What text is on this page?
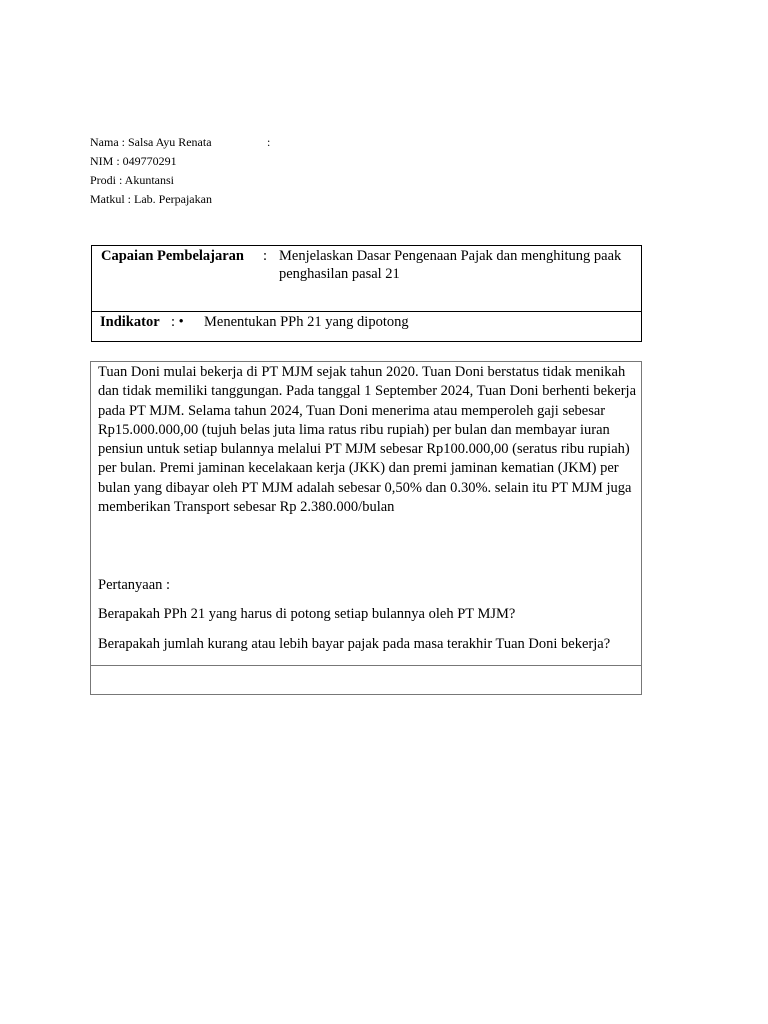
Nama : Salsa Ayu Renata	:
NIM : 049770291
Prodi : Akuntansi
Matkul : Lab. Perpajakan
Capaian Pembelajaran : Menjelaskan Dasar Pengenaan Pajak dan menghitung paak penghasilan pasal 21
Indikator : • Menentukan PPh 21 yang dipotong
Tuan Doni mulai bekerja di PT MJM sejak tahun 2020. Tuan Doni berstatus tidak menikah dan tidak memiliki tanggungan. Pada tanggal 1 September 2024, Tuan Doni berhenti bekerja pada PT MJM. Selama tahun 2024, Tuan Doni menerima atau memperoleh gaji sebesar Rp15.000.000,00 (tujuh belas juta lima ratus ribu rupiah) per bulan dan membayar iuran pensiun untuk setiap bulannya melalui PT MJM sebesar Rp100.000,00 (seratus ribu rupiah) per bulan. Premi jaminan kecelakaan kerja (JKK) dan premi jaminan kematian (JKM) per bulan yang dibayar oleh PT MJM adalah sebesar 0,50% dan 0.30%. selain itu PT MJM juga memberikan Transport sebesar Rp 2.380.000/bulan
Pertanyaan :
Berapakah PPh 21 yang harus di potong setiap bulannya oleh PT MJM?
Berapakah jumlah kurang atau lebih bayar pajak pada masa terakhir Tuan Doni bekerja?
